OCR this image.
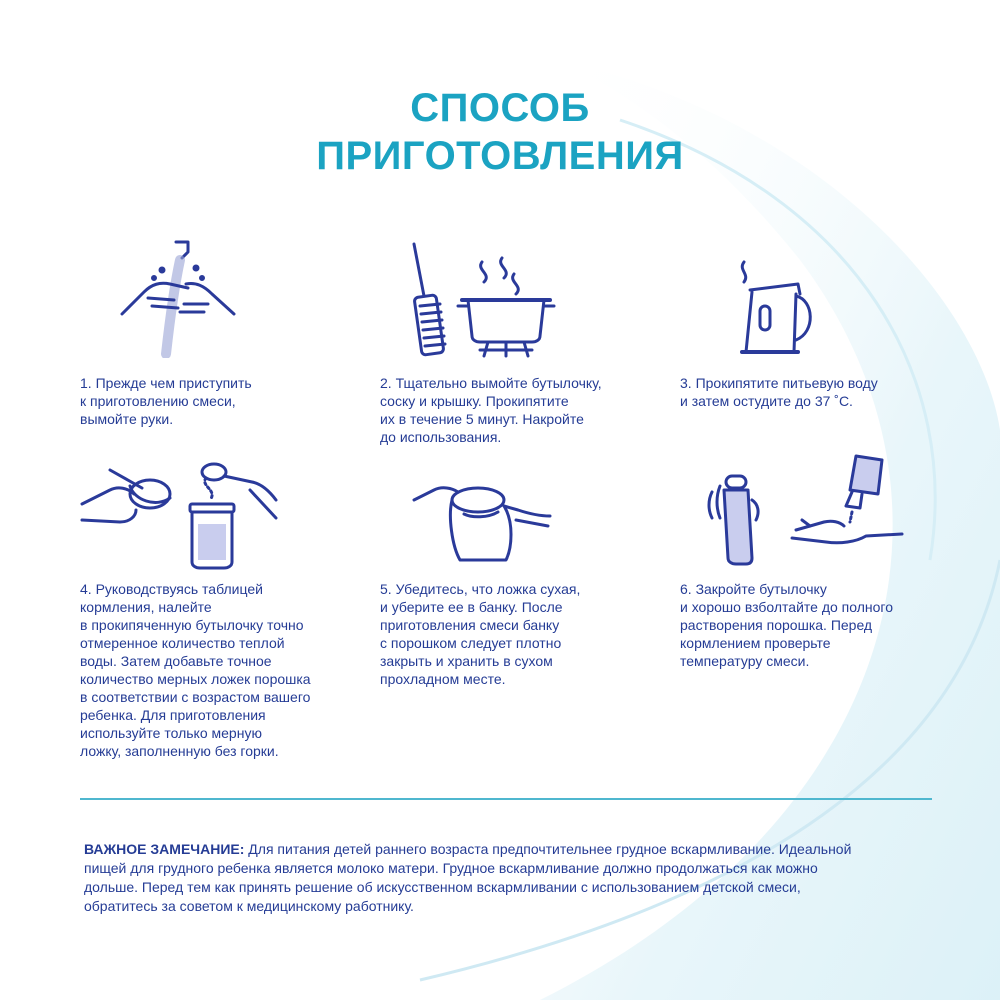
СПОСОБ
ПРИГОТОВЛЕНИЯ
1. Прежде чем приступить
к приготовлению смеси,
вымойте руки.
2. Тщательно вымойте бутылочку,
соску и крышку. Прокипятите
их в течение 5 минут. Накройте
до использования.
3. Прокипятите питьевую воду
и затем остудите до 37 ˚С.
4. Руководствуясь таблицей
кормления, налейте
в прокипяченную бутылочку точно
отмеренное количество теплой
воды. Затем добавьте точное
количество мерных ложек порошка
в соответствии с возрастом вашего
ребенка. Для приготовления
используйте только мерную
ложку, заполненную без горки.
5. Убедитесь, что ложка сухая,
и уберите ее в банку. После
приготовления смеси банку
с порошком следует плотно
закрыть и хранить в сухом
прохладном месте.
6. Закройте бутылочку
и хорошо взболтайте до полного
растворения порошка. Перед
кормлением проверьте
температуру смеси.
ВАЖНОЕ ЗАМЕЧАНИЕ: Для питания детей раннего возраста предпочтительнее грудное вскармливание. Идеальной
пищей для грудного ребенка является молоко матери. Грудное вскармливание должно продолжаться как можно
дольше. Перед тем как принять решение об искусственном вскармливании с использованием детской смеси,
обратитесь за советом к медицинскому работнику.
